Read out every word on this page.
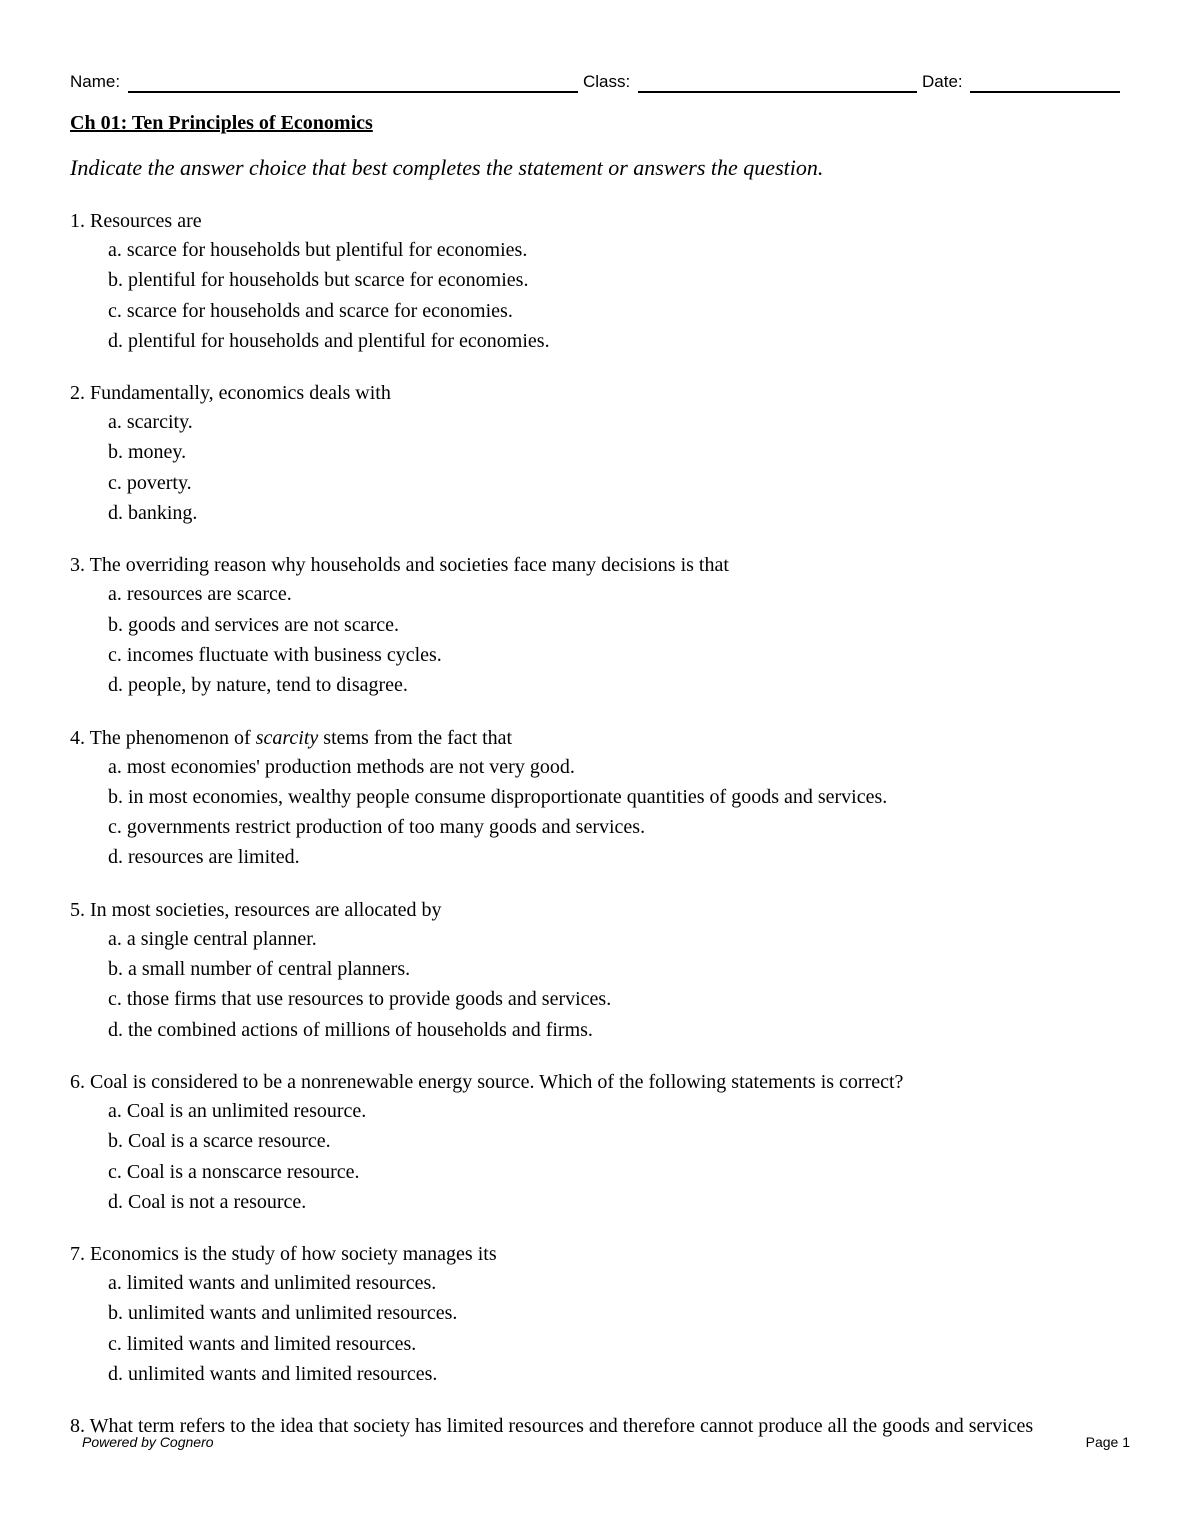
Name:	Class:	Date:
Ch 01: Ten Principles of Economics
Indicate the answer choice that best completes the statement or answers the question.
1. Resources are
a. scarce for households but plentiful for economies.
b. plentiful for households but scarce for economies.
c. scarce for households and scarce for economies.
d. plentiful for households and plentiful for economies.
2. Fundamentally, economics deals with
a. scarcity.
b. money.
c. poverty.
d. banking.
3. The overriding reason why households and societies face many decisions is that
a. resources are scarce.
b. goods and services are not scarce.
c. incomes fluctuate with business cycles.
d. people, by nature, tend to disagree.
4. The phenomenon of scarcity stems from the fact that
a. most economies' production methods are not very good.
b. in most economies, wealthy people consume disproportionate quantities of goods and services.
c. governments restrict production of too many goods and services.
d. resources are limited.
5. In most societies, resources are allocated by
a. a single central planner.
b. a small number of central planners.
c. those firms that use resources to provide goods and services.
d. the combined actions of millions of households and firms.
6. Coal is considered to be a nonrenewable energy source. Which of the following statements is correct?
a. Coal is an unlimited resource.
b. Coal is a scarce resource.
c. Coal is a nonscarce resource.
d. Coal is not a resource.
7. Economics is the study of how society manages its
a. limited wants and unlimited resources.
b. unlimited wants and unlimited resources.
c. limited wants and limited resources.
d. unlimited wants and limited resources.
8. What term refers to the idea that society has limited resources and therefore cannot produce all the goods and services
Powered by Cognero	Page 1
